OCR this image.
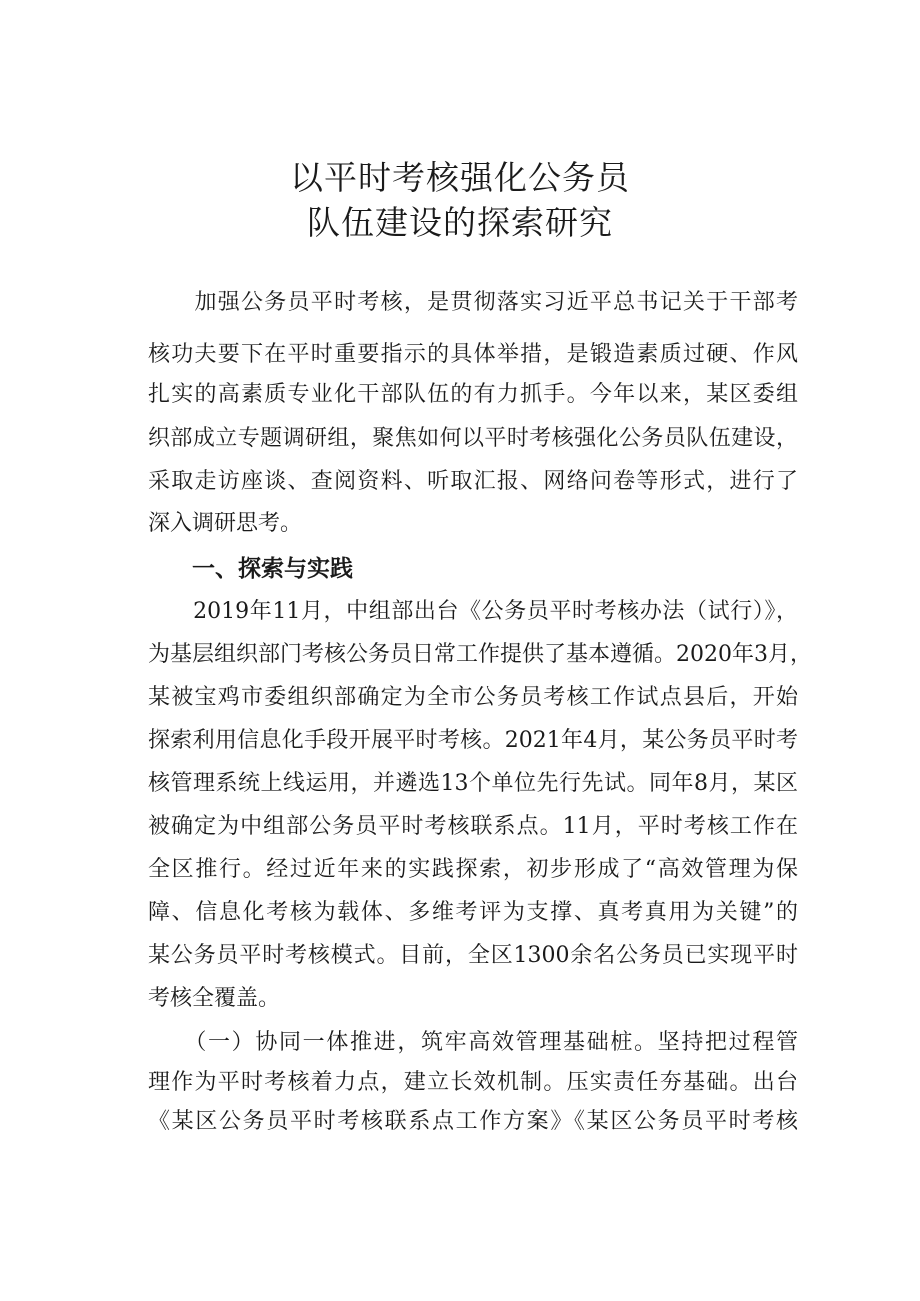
以平时考核强化公务员
队伍建设的探索研究

　　加强公务员平时考核，是贯彻落实习近平总书记关于干部考

核功夫要下在平时重要指示的具体举措，是锻造素质过硬、作风

扎实的高素质专业化干部队伍的有力抓手。今年以来，某区委组

织部成立专题调研组，聚焦如何以平时考核强化公务员队伍建设，

采取走访座谈、查阅资料、听取汇报、网络问卷等形式，进行了

深入调研思考。

一、探索与实践

　　2019年11月，中组部出台《公务员平时考核办法（试行）》，

为基层组织部门考核公务员日常工作提供了基本遵循。2020年3月，

某被宝鸡市委组织部确定为全市公务员考核工作试点县后，开始

探索利用信息化手段开展平时考核。2021年4月，某公务员平时考

核管理系统上线运用，并遴选13个单位先行先试。同年8月，某区

被确定为中组部公务员平时考核联系点。11月，平时考核工作在

全区推行。经过近年来的实践探索，初步形成了“高效管理为保

障、信息化考核为载体、多维考评为支撑、真考真用为关键”的

某公务员平时考核模式。目前，全区1300余名公务员已实现平时

考核全覆盖。

　　（一）协同一体推进，筑牢高效管理基础桩。坚持把过程管

理作为平时考核着力点，建立长效机制。压实责任夯基础。出台

《某区公务员平时考核联系点工作方案》《某区公务员平时考核
